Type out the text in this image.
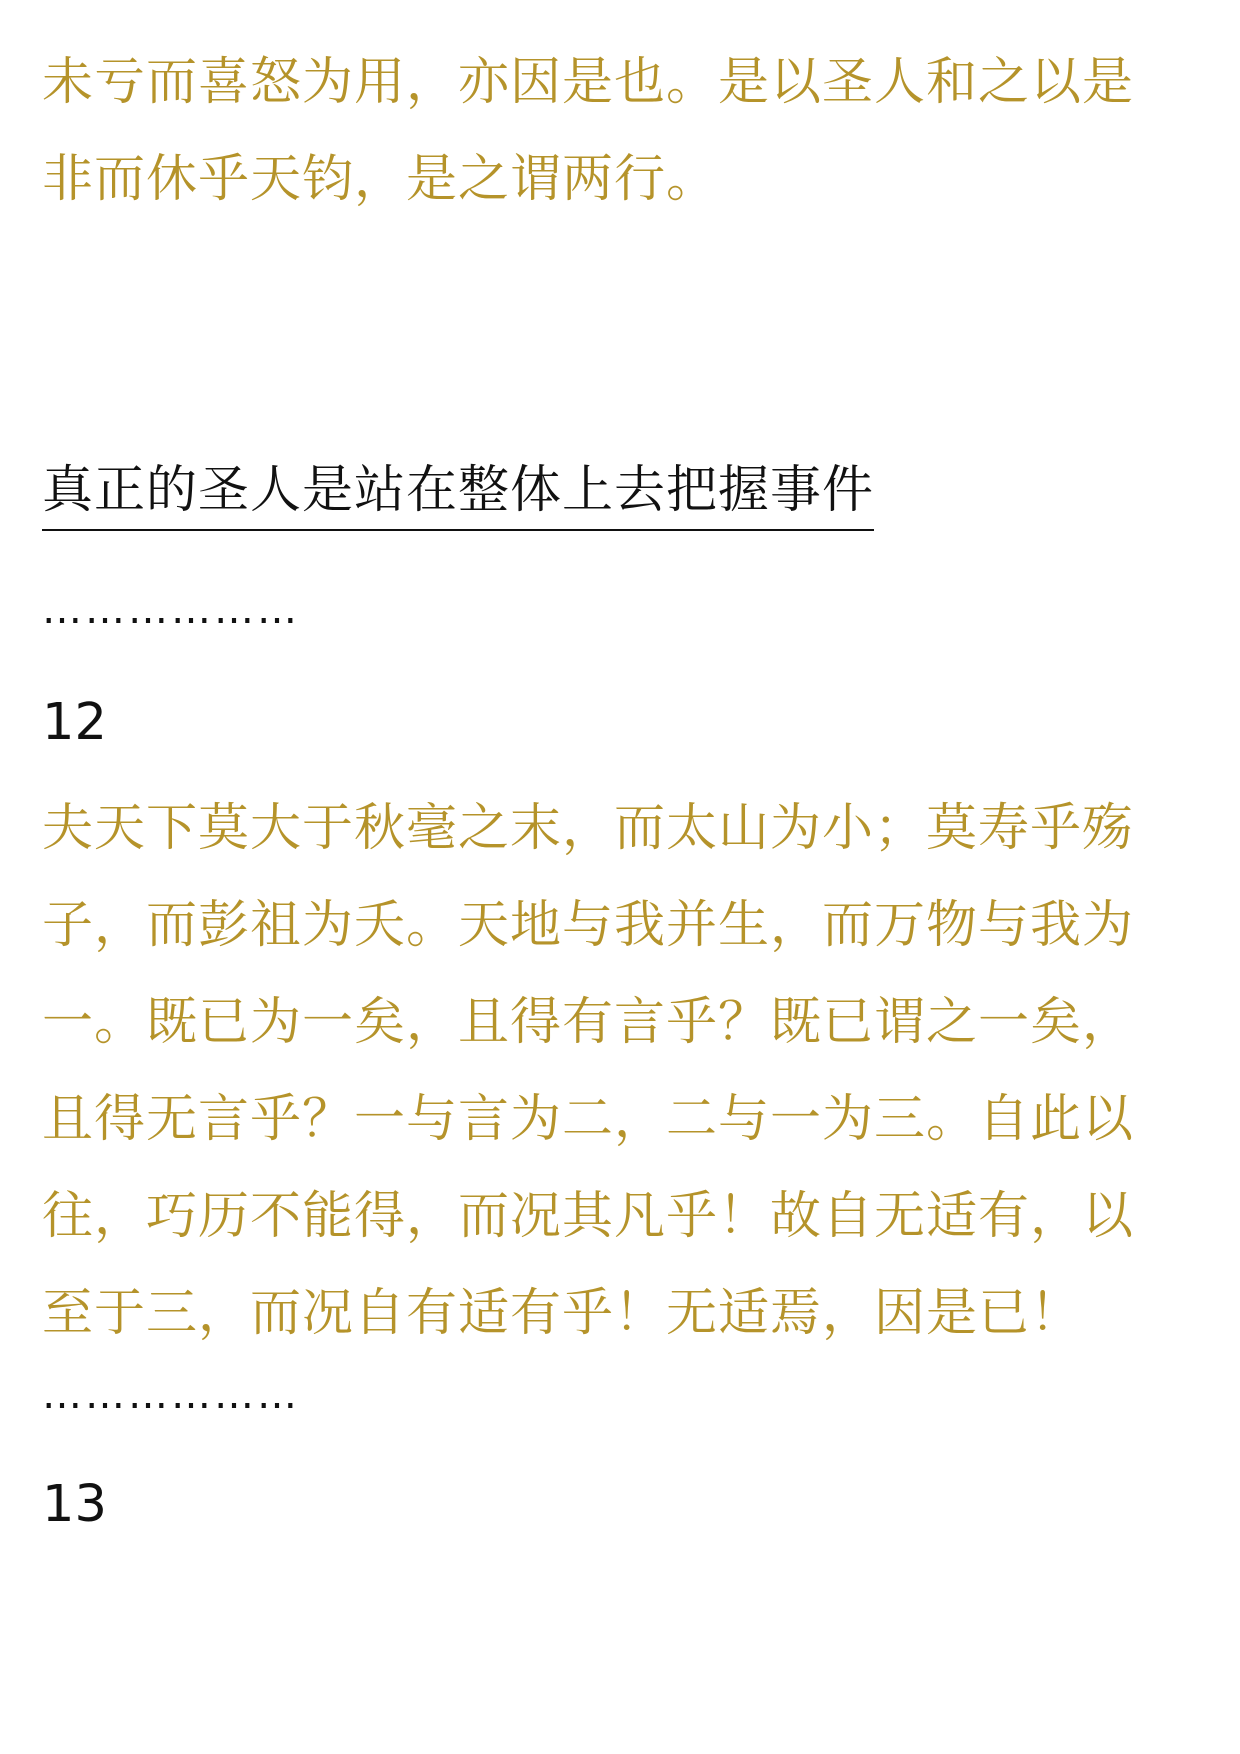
未亏而喜怒为用，亦因是也。是以圣人和之以是
非而休乎天钧，是之谓两行。

真正的圣人是站在整体上去把握事件
………………
12

夫天下莫大于秋毫之末，而太山为小；莫寿乎殇
子，而彭祖为夭。天地与我并生，而万物与我为
一。既已为一矣，且得有言乎？既已谓之一矣，
且得无言乎？一与言为二，二与一为三。自此以
往，巧历不能得，而况其凡乎！故自无适有，以
至于三，而况自有适有乎！无适焉，因是已！

………………
13
